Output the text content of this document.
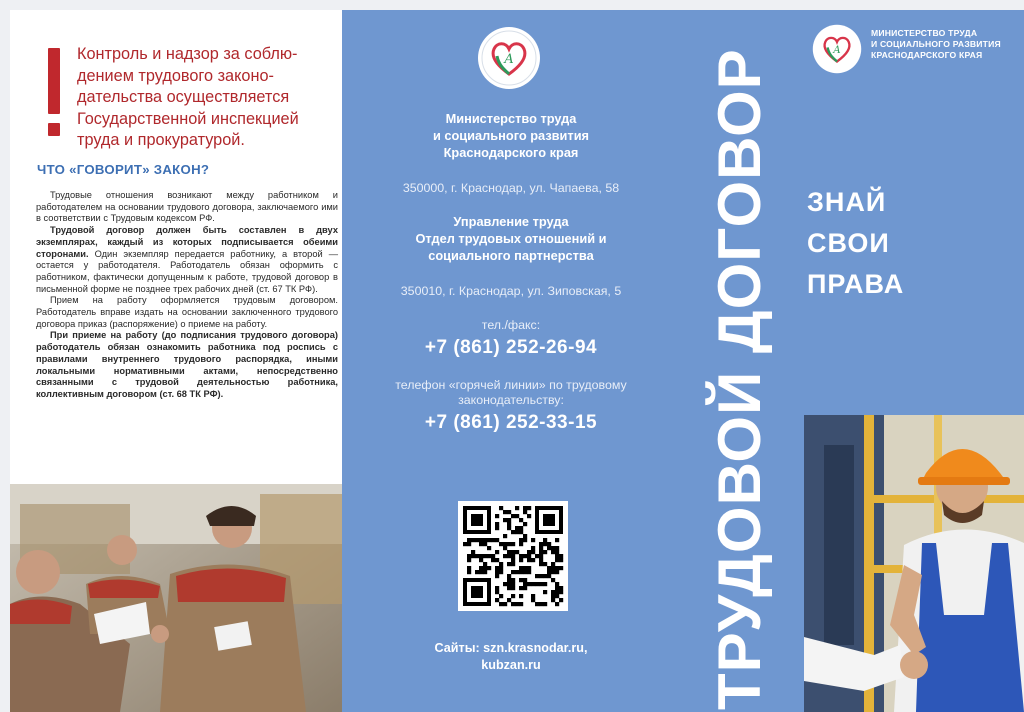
Контроль и надзор за соблю-
дением трудового законо-
дательства осуществляется
Государственной инспекцией
труда и прокуратурой.

ЧТО «ГОВОРИТ» ЗАКОН?

Трудовые отношения возникают между работником и работодателем на основании трудового договора, заключаемого ими в соответствии с Трудовым кодексом РФ.

Трудовой договор должен быть составлен в двух экземплярах, каждый из которых подписывается обеими сторонами. Один экземпляр передается работнику, а второй — остается у работодателя. Работодатель обязан оформить с работником, фактически допущенным к работе, трудовой договор в письменной форме не позднее трех рабочих дней (ст. 67 ТК РФ).

Прием на работу оформляется трудовым договором. Работодатель вправе издать на основании заключенного трудового договора приказ (распоряжение) о приеме на работу.

При приеме на работу (до подписания трудового договора) работодатель обязан ознакомить работника под роспись с правилами внутреннего трудового распорядка, иными локальными нормативными актами, непосредственно связанными с трудовой деятельностью работника, коллективным договором (ст. 68 ТК РФ).

А
Министерство труда
и социального развития
Краснодарского края
350000, г. Краснодар, ул. Чапаева, 58
Управление труда
Отдел трудовых отношений и
социального партнерства
350010, г. Краснодар, ул. Зиповская, 5
тел./факс:
+7 (861) 252-26-94
телефон «горячей линии» по трудовому
законодательству:
+7 (861) 252-33-15
Сайты: szn.krasnodar.ru,
kubzan.ru	ТРУДОВОЙ ДОГОВОР	А
МИНИСТЕРСТВО ТРУДА
И СОЦИАЛЬНОГО РАЗВИТИЯ
КРАСНОДАРСКОГО КРАЯ
ЗНАЙ
СВОИ
ПРАВА
